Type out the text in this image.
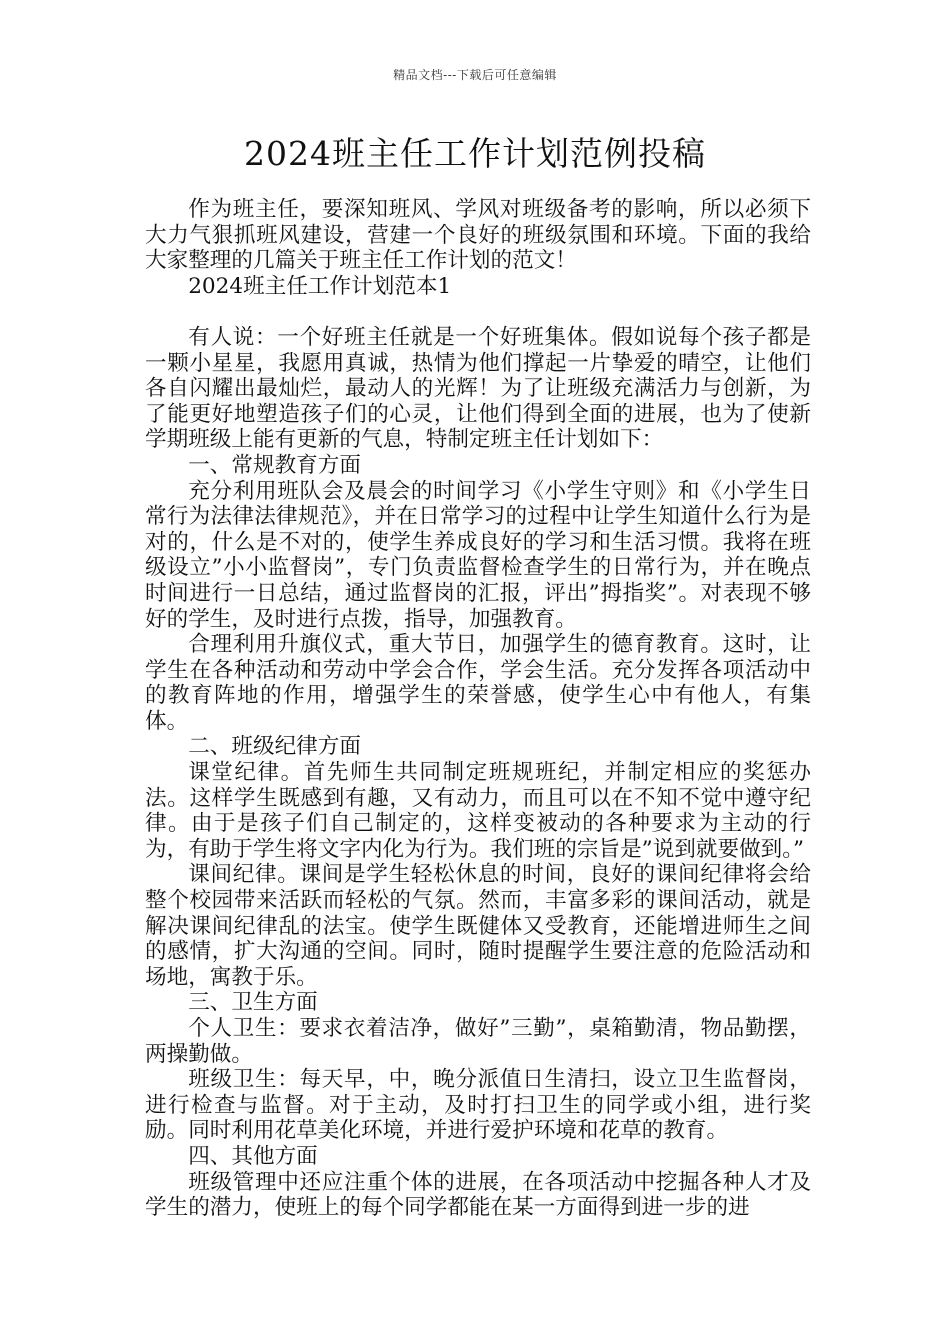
精品文档---下载后可任意编辑
2024班主任工作计划范例投稿

作为班主任，要深知班风、学风对班级备考的影响，所以必须下大力气狠抓班风建设，营建一个良好的班级氛围和环境。下面的我给大家整理的几篇关于班主任工作计划的范文！

2024班主任工作计划范本1

有人说：一个好班主任就是一个好班集体。假如说每个孩子都是一颗小星星，我愿用真诚，热情为他们撑起一片挚爱的晴空，让他们各自闪耀出最灿烂，最动人的光辉！为了让班级充满活力与创新，为了能更好地塑造孩子们的心灵，让他们得到全面的进展，也为了使新学期班级上能有更新的气息，特制定班主任计划如下：

一、常规教育方面

充分利用班队会及晨会的时间学习《小学生守则》和《小学生日常行为法律法律规范》，并在日常学习的过程中让学生知道什么行为是对的，什么是不对的，使学生养成良好的学习和生活习惯。我将在班级设立”小小监督岗”，专门负责监督检查学生的日常行为，并在晚点时间进行一日总结，通过监督岗的汇报，评出”拇指奖”。对表现不够好的学生，及时进行点拨，指导，加强教育。

合理利用升旗仪式，重大节日，加强学生的德育教育。这时，让学生在各种活动和劳动中学会合作，学会生活。充分发挥各项活动中的教育阵地的作用，增强学生的荣誉感，使学生心中有他人，有集体。

二、班级纪律方面

课堂纪律。首先师生共同制定班规班纪，并制定相应的奖惩办法。这样学生既感到有趣，又有动力，而且可以在不知不觉中遵守纪律。由于是孩子们自己制定的，这样变被动的各种要求为主动的行为，有助于学生将文字内化为行为。我们班的宗旨是”说到就要做到。”

课间纪律。课间是学生轻松休息的时间，良好的课间纪律将会给整个校园带来活跃而轻松的气氛。然而，丰富多彩的课间活动，就是解决课间纪律乱的法宝。使学生既健体又受教育，还能增进师生之间的感情，扩大沟通的空间。同时，随时提醒学生要注意的危险活动和场地，寓教于乐。

三、卫生方面

个人卫生：要求衣着洁净，做好”三勤”，桌箱勤清，物品勤摆，两操勤做。

班级卫生：每天早，中，晚分派值日生清扫，设立卫生监督岗，进行检查与监督。对于主动，及时打扫卫生的同学或小组，进行奖励。同时利用花草美化环境，并进行爱护环境和花草的教育。

四、其他方面

班级管理中还应注重个体的进展，在各项活动中挖掘各种人才及学生的潜力，使班上的每个同学都能在某一方面得到进一步的进
